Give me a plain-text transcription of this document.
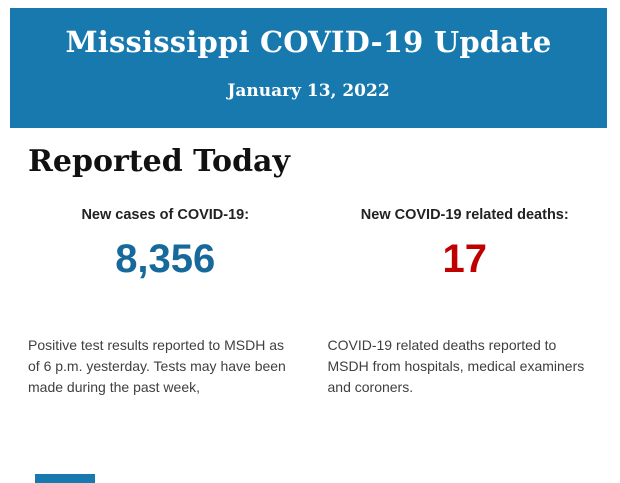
Mississippi COVID-19 Update
January 13, 2022
Reported Today
New cases of COVID-19:
8,356
Positive test results reported to MSDH as of 6 p.m. yesterday. Tests may have been made during the past week,
New COVID-19 related deaths:
17
COVID-19 related deaths reported to MSDH from hospitals, medical examiners and coroners.
